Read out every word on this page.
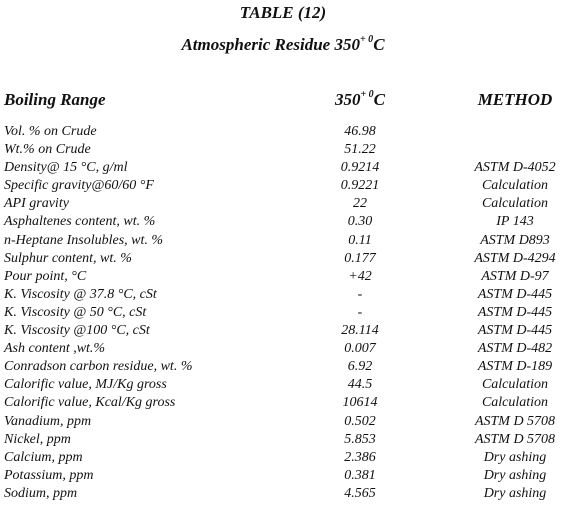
TABLE (12)
Atmospheric Residue $350^{+ 0}C$
Boiling Range	$350^{+ 0}C$	METHOD
Vol. % on Crude	46.98
Wt.% on Crude	51.22
Density@ 15 °C, g/ml	0.9214	ASTM D-4052
Specific gravity@60/60 °F	0.9221	Calculation
API gravity	22	Calculation
Asphaltenes content, wt. %	0.30	IP 143
n-Heptane Insolubles, wt. %	0.11	ASTM D893
Sulphur content, wt. %	0.177	ASTM D-4294
Pour point, °C	+42	ASTM D-97
K. Viscosity @ 37.8 °C, cSt	-	ASTM D-445
K. Viscosity @ 50 °C, cSt	-	ASTM D-445
K. Viscosity @100 °C, cSt	28.114	ASTM D-445
Ash content ,wt.%	0.007	ASTM D-482
Conradson carbon residue, wt. %	6.92	ASTM D-189
Calorific value, MJ/Kg gross	44.5	Calculation
Calorific value, Kcal/Kg gross	10614	Calculation
Vanadium, ppm	0.502	ASTM D 5708
Nickel, ppm	5.853	ASTM D 5708
Calcium, ppm	2.386	Dry ashing
Potassium, ppm	0.381	Dry ashing
Sodium, ppm	4.565	Dry ashing
